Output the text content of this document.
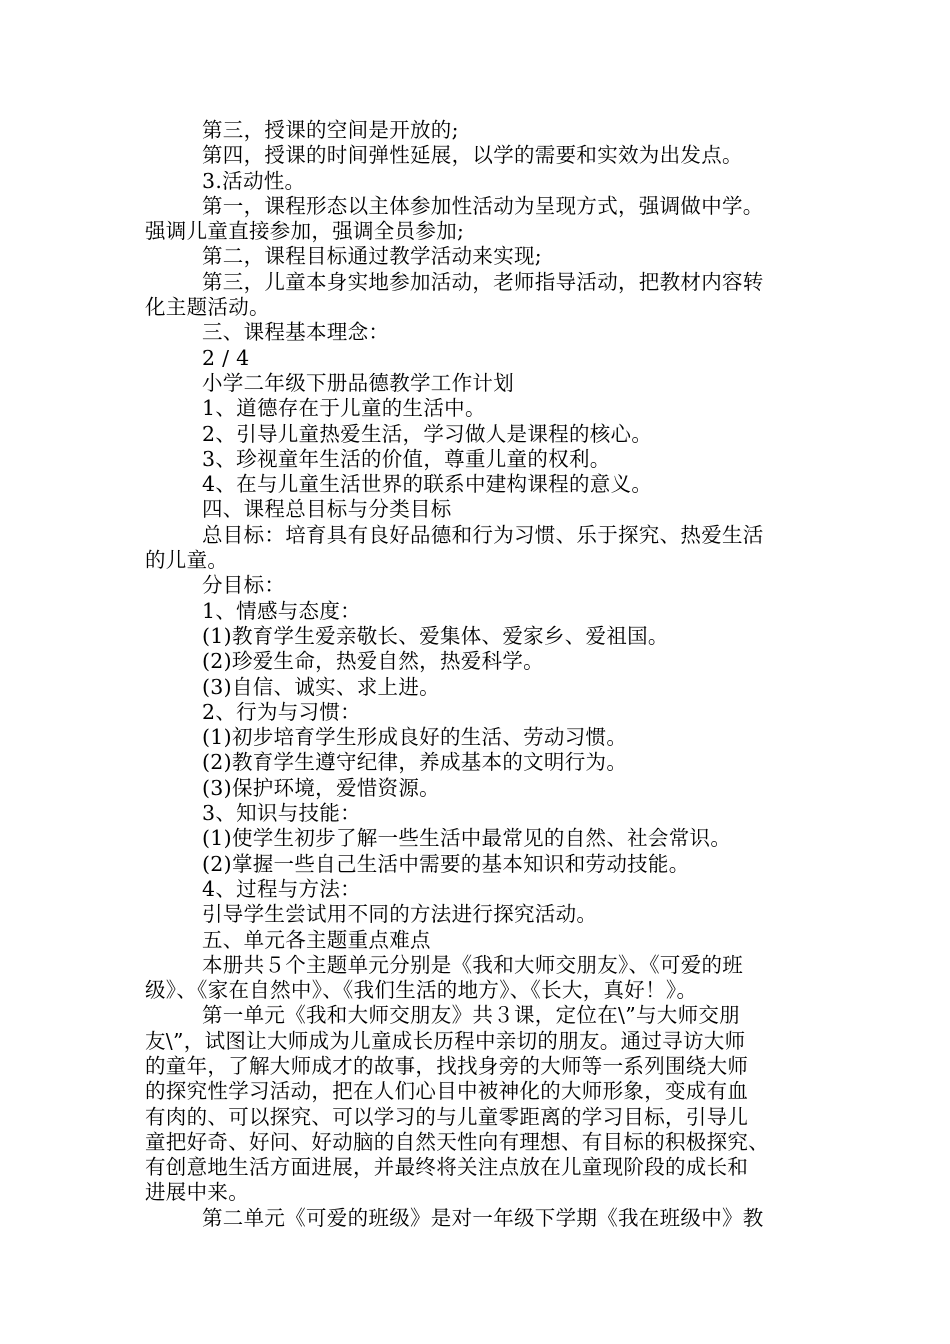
第三，授课的空间是开放的;
第四，授课的时间弹性延展，以学的需要和实效为出发点。
3.活动性。
第一，课程形态以主体参加性活动为呈现方式，强调做中学。
强调儿童直接参加，强调全员参加;
第二，课程目标通过教学活动来实现;
第三，儿童本身实地参加活动，老师指导活动，把教材内容转
化主题活动。
三、课程基本理念：
2 / 4
小学二年级下册品德教学工作计划
1、道德存在于儿童的生活中。
2、引导儿童热爱生活，学习做人是课程的核心。
3、珍视童年生活的价值，尊重儿童的权利。
4、在与儿童生活世界的联系中建构课程的意义。
四、课程总目标与分类目标
总目标：培育具有良好品德和行为习惯、乐于探究、热爱生活
的儿童。
分目标：
1、情感与态度：
(1)教育学生爱亲敬长、爱集体、爱家乡、爱祖国。
(2)珍爱生命，热爱自然，热爱科学。
(3)自信、诚实、求上进。
2、行为与习惯：
(1)初步培育学生形成良好的生活、劳动习惯。
(2)教育学生遵守纪律，养成基本的文明行为。
(3)保护环境，爱惜资源。
3、知识与技能：
(1)使学生初步了解一些生活中最常见的自然、社会常识。
(2)掌握一些自己生活中需要的基本知识和劳动技能。
4、过程与方法：
引导学生尝试用不同的方法进行探究活动。
五、单元各主题重点难点
本册共５个主题单元分别是《我和大师交朋友》、《可爱的班
级》、《家在自然中》、《我们生活的地方》、《长大，真好！》。
第一单元《我和大师交朋友》共３课，定位在\”与大师交朋
友\”，试图让大师成为儿童成长历程中亲切的朋友。通过寻访大师
的童年，了解大师成才的故事，找找身旁的大师等一系列围绕大师
的探究性学习活动，把在人们心目中被神化的大师形象，变成有血
有肉的、可以探究、可以学习的与儿童零距离的学习目标，引导儿
童把好奇、好问、好动脑的自然天性向有理想、有目标的积极探究、
有创意地生活方面进展，并最终将关注点放在儿童现阶段的成长和
进展中来。
第二单元《可爱的班级》是对一年级下学期《我在班级中》教
